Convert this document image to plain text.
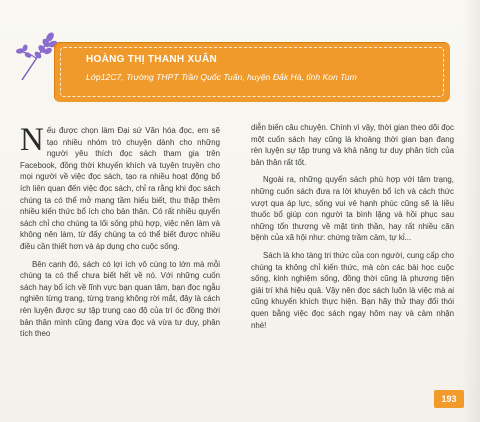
HOÀNG THỊ THANH XUÂN
Lớp12C7, Trường THPT Trần Quốc Tuấn, huyện Đắk Hà, tỉnh Kon Tum

Nếu được chọn làm Đại sứ Văn hóa đọc, em sẽ tạo nhiều nhóm trò chuyện dành cho những người yêu thích đọc sách tham gia trên Facebook, đồng thời khuyến khích và tuyên truyền cho mọi người về việc đọc sách, tạo ra nhiều hoạt động bổ ích liên quan đến việc đọc sách, chỉ ra rằng khi đọc sách chúng ta có thể mở mang tầm hiểu biết, thu thập thêm nhiều kiến thức bổ ích cho bản thân. Có rất nhiều quyển sách chỉ cho chúng ta lối sống phù hợp, việc nên làm và không nên làm, từ đấy chúng ta có thể biết được nhiều điều cần thiết hơn và áp dụng cho cuộc sống.

Bên cạnh đó, sách có lợi ích vô cùng to lớn mà mỗi chúng ta có thể chưa biết hết về nó. Với những cuốn sách hay bổ ích về lĩnh vực bạn quan tâm, bạn đọc ngẫu nghiên từng trang, từng trang không rời mắt, đây là cách rèn luyện được sự tập trung cao độ của trí óc đồng thời bản thân mình cũng đang vừa đọc và vừa tư duy, phân tích theo

diễn biến câu chuyện. Chính vì vậy, thời gian theo dõi đọc một cuốn sách hay cũng là khoảng thời gian bạn đang rèn luyện sự tập trung và khả năng tư duy phân tích của bản thân rất tốt.

Ngoài ra, những quyển sách phù hợp với tâm trạng, những cuốn sách đưa ra lời khuyên bổ ích và cách thức vượt qua áp lực, sống vui vẻ hạnh phúc cũng sẽ là liều thuốc bổ giúp con người ta bình lặng và hồi phục sau những tổn thương về mặt tinh thần, hay rất nhiều căn bệnh của xã hội như: chứng trầm cảm, tự kỉ...

Sách là kho tàng tri thức của con người, cung cấp cho chúng ta không chỉ kiến thức, mà còn các bài học cuộc sống, kinh nghiệm sống, đồng thời cũng là phương tiện giải trí khá hiệu quả. Vậy nên đọc sách luôn là việc mà ai cũng khuyến khích thực hiện. Bạn hãy thử thay đổi thói quen bằng việc đọc sách ngay hôm nay và cảm nhận nhé!

193
